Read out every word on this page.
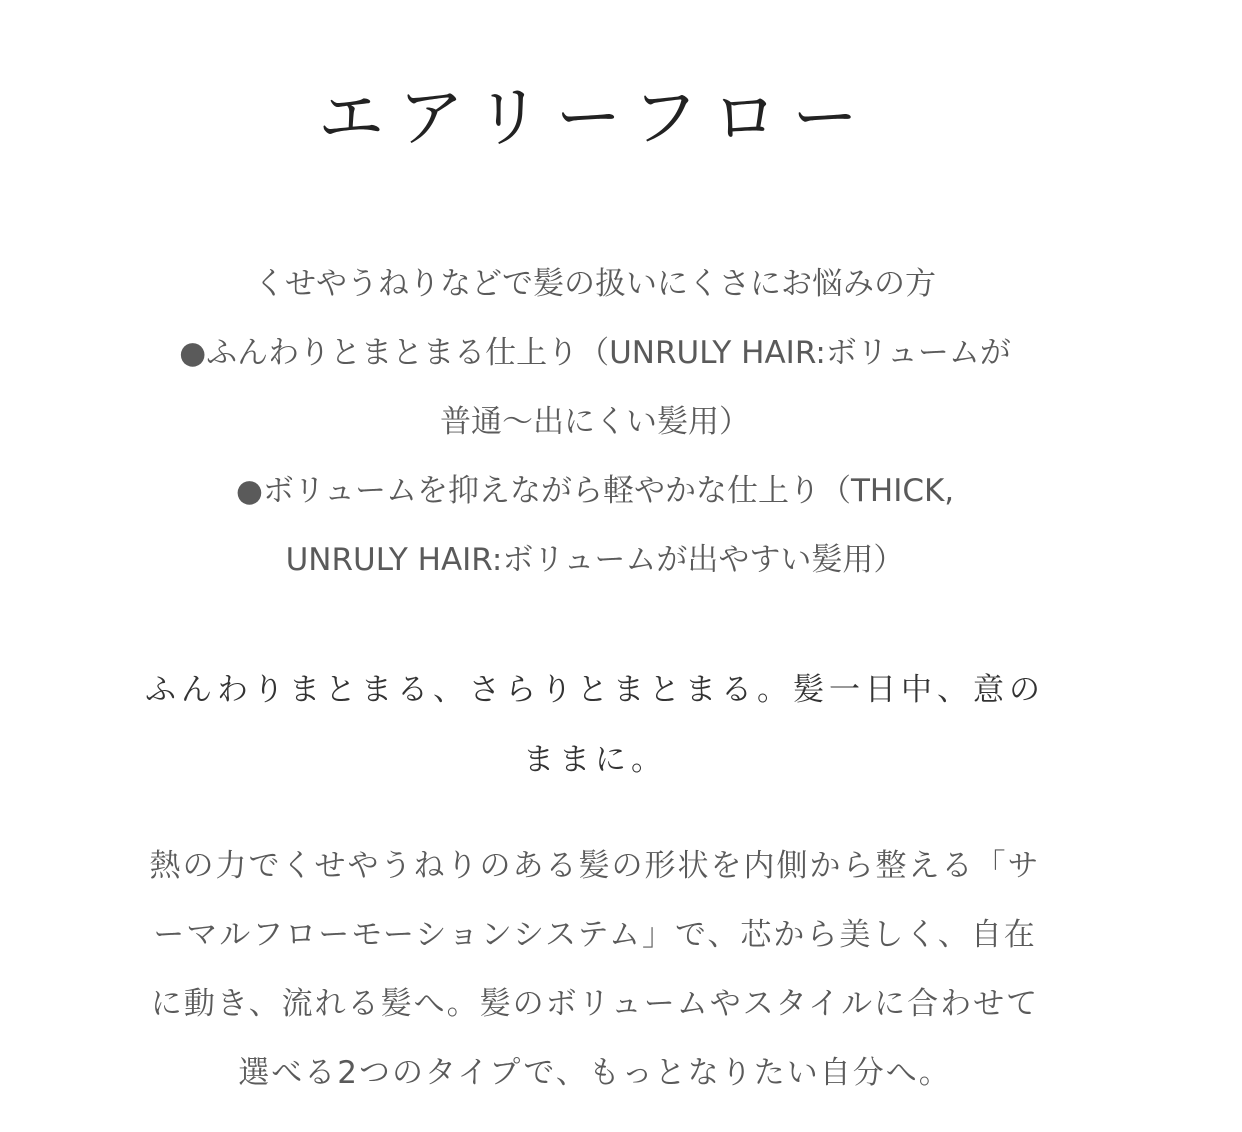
エアリーフロー

くせやうねりなどで髪の扱いにくさにお悩みの方
●ふんわりとまとまる仕上り（UNRULY HAIR:ボリュームが
普通～出にくい髪用）
●ボリュームを抑えながら軽やかな仕上り（THICK,
UNRULY HAIR:ボリュームが出やすい髪用）

ふんわりまとまる、さらりとまとまる。髪一日中、意の
ままに。

熱の力でくせやうねりのある髪の形状を内側から整える「サ
ーマルフローモーションシステム」で、芯から美しく、自在
に動き、流れる髪へ。髪のボリュームやスタイルに合わせて
選べる2つのタイプで、もっとなりたい自分へ。
